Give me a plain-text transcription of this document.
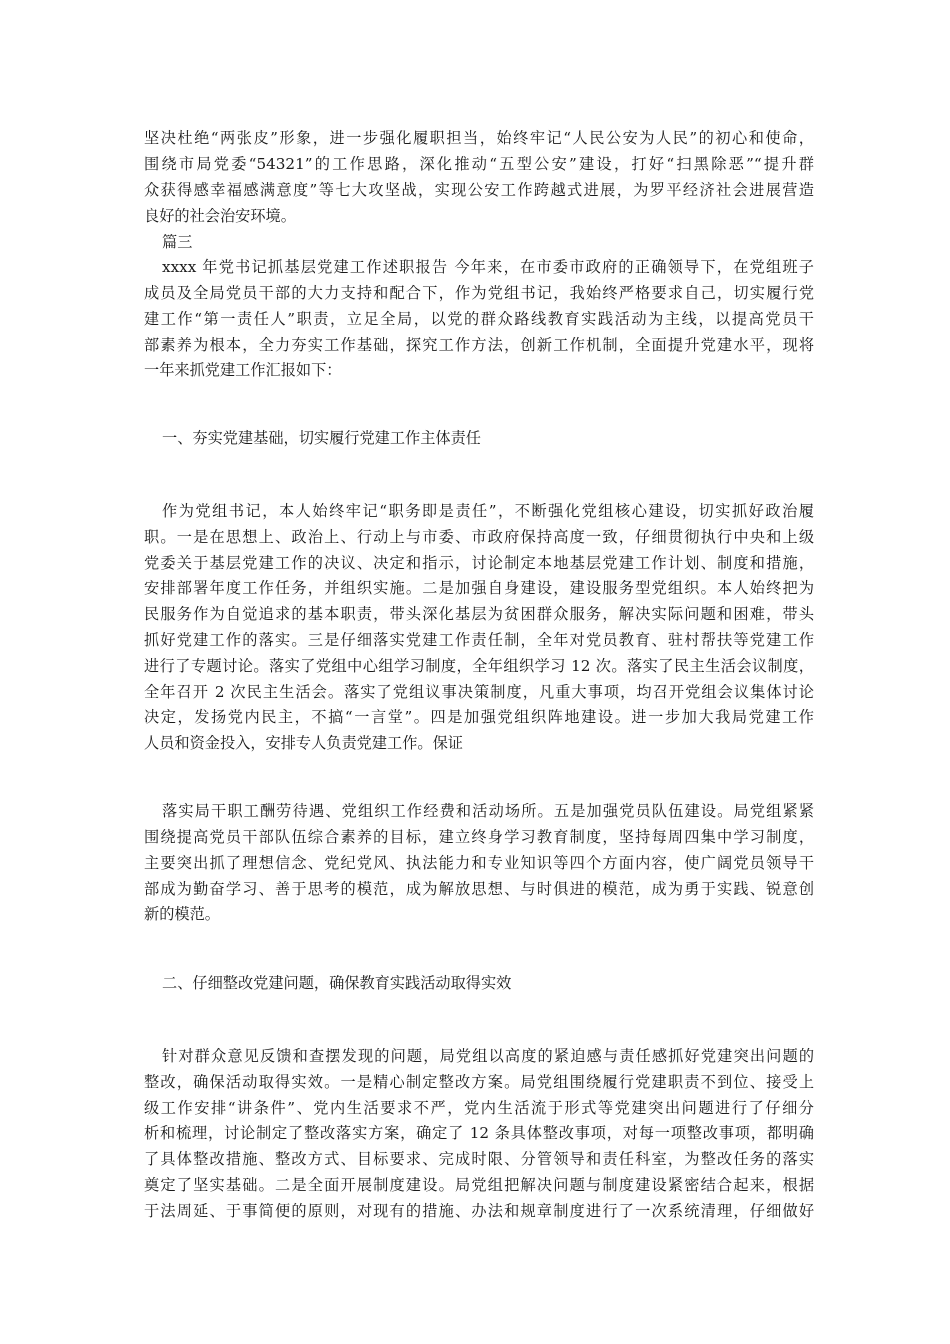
坚决杜绝“两张皮”形象，进一步强化履职担当，始终牢记“人民公安为人民”的初心和使命，
围绕市局党委“54321”的工作思路，深化推动“五型公安”建设，打好“扫黑除恶”“提升群
众获得感幸福感满意度”等七大攻坚战，实现公安工作跨越式进展，为罗平经济社会进展营造
良好的社会治安环境。
篇三
xxxx 年党书记抓基层党建工作述职报告 今年来，在市委市政府的正确领导下，在党组班子
成员及全局党员干部的大力支持和配合下，作为党组书记，我始终严格要求自己，切实履行党
建工作“第一责任人”职责，立足全局，以党的群众路线教育实践活动为主线，以提高党员干
部素养为根本，全力夯实工作基础，探究工作方法，创新工作机制，全面提升党建水平，现将
一年来抓党建工作汇报如下：
一、夯实党建基础，切实履行党建工作主体责任
作为党组书记，本人始终牢记“职务即是责任”，不断强化党组核心建设，切实抓好政治履
职。一是在思想上、政治上、行动上与市委、市政府保持高度一致，仔细贯彻执行中央和上级
党委关于基层党建工作的决议、决定和指示，讨论制定本地基层党建工作计划、制度和措施，
安排部署年度工作任务，并组织实施。二是加强自身建设，建设服务型党组织。本人始终把为
民服务作为自觉追求的基本职责，带头深化基层为贫困群众服务，解决实际问题和困难，带头
抓好党建工作的落实。三是仔细落实党建工作责任制，全年对党员教育、驻村帮扶等党建工作
进行了专题讨论。落实了党组中心组学习制度，全年组织学习 12 次。落实了民主生活会议制度，
全年召开 2 次民主生活会。落实了党组议事决策制度，凡重大事项，均召开党组会议集体讨论
决定，发扬党内民主，不搞“一言堂”。四是加强党组织阵地建设。进一步加大我局党建工作
人员和资金投入，安排专人负责党建工作。保证
落实局干职工酬劳待遇、党组织工作经费和活动场所。五是加强党员队伍建设。局党组紧紧
围绕提高党员干部队伍综合素养的目标，建立终身学习教育制度，坚持每周四集中学习制度，
主要突出抓了理想信念、党纪党风、执法能力和专业知识等四个方面内容，使广阔党员领导干
部成为勤奋学习、善于思考的模范，成为解放思想、与时俱进的模范，成为勇于实践、锐意创
新的模范。
二、仔细整改党建问题，确保教育实践活动取得实效
针对群众意见反馈和查摆发现的问题，局党组以高度的紧迫感与责任感抓好党建突出问题的
整改，确保活动取得实效。一是精心制定整改方案。局党组围绕履行党建职责不到位、接受上
级工作安排“讲条件”、党内生活要求不严，党内生活流于形式等党建突出问题进行了仔细分
析和梳理，讨论制定了整改落实方案，确定了 12 条具体整改事项，对每一项整改事项，都明确
了具体整改措施、整改方式、目标要求、完成时限、分管领导和责任科室，为整改任务的落实
奠定了坚实基础。二是全面开展制度建设。局党组把解决问题与制度建设紧密结合起来，根据
于法周延、于事简便的原则，对现有的措施、办法和规章制度进行了一次系统清理，仔细做好
